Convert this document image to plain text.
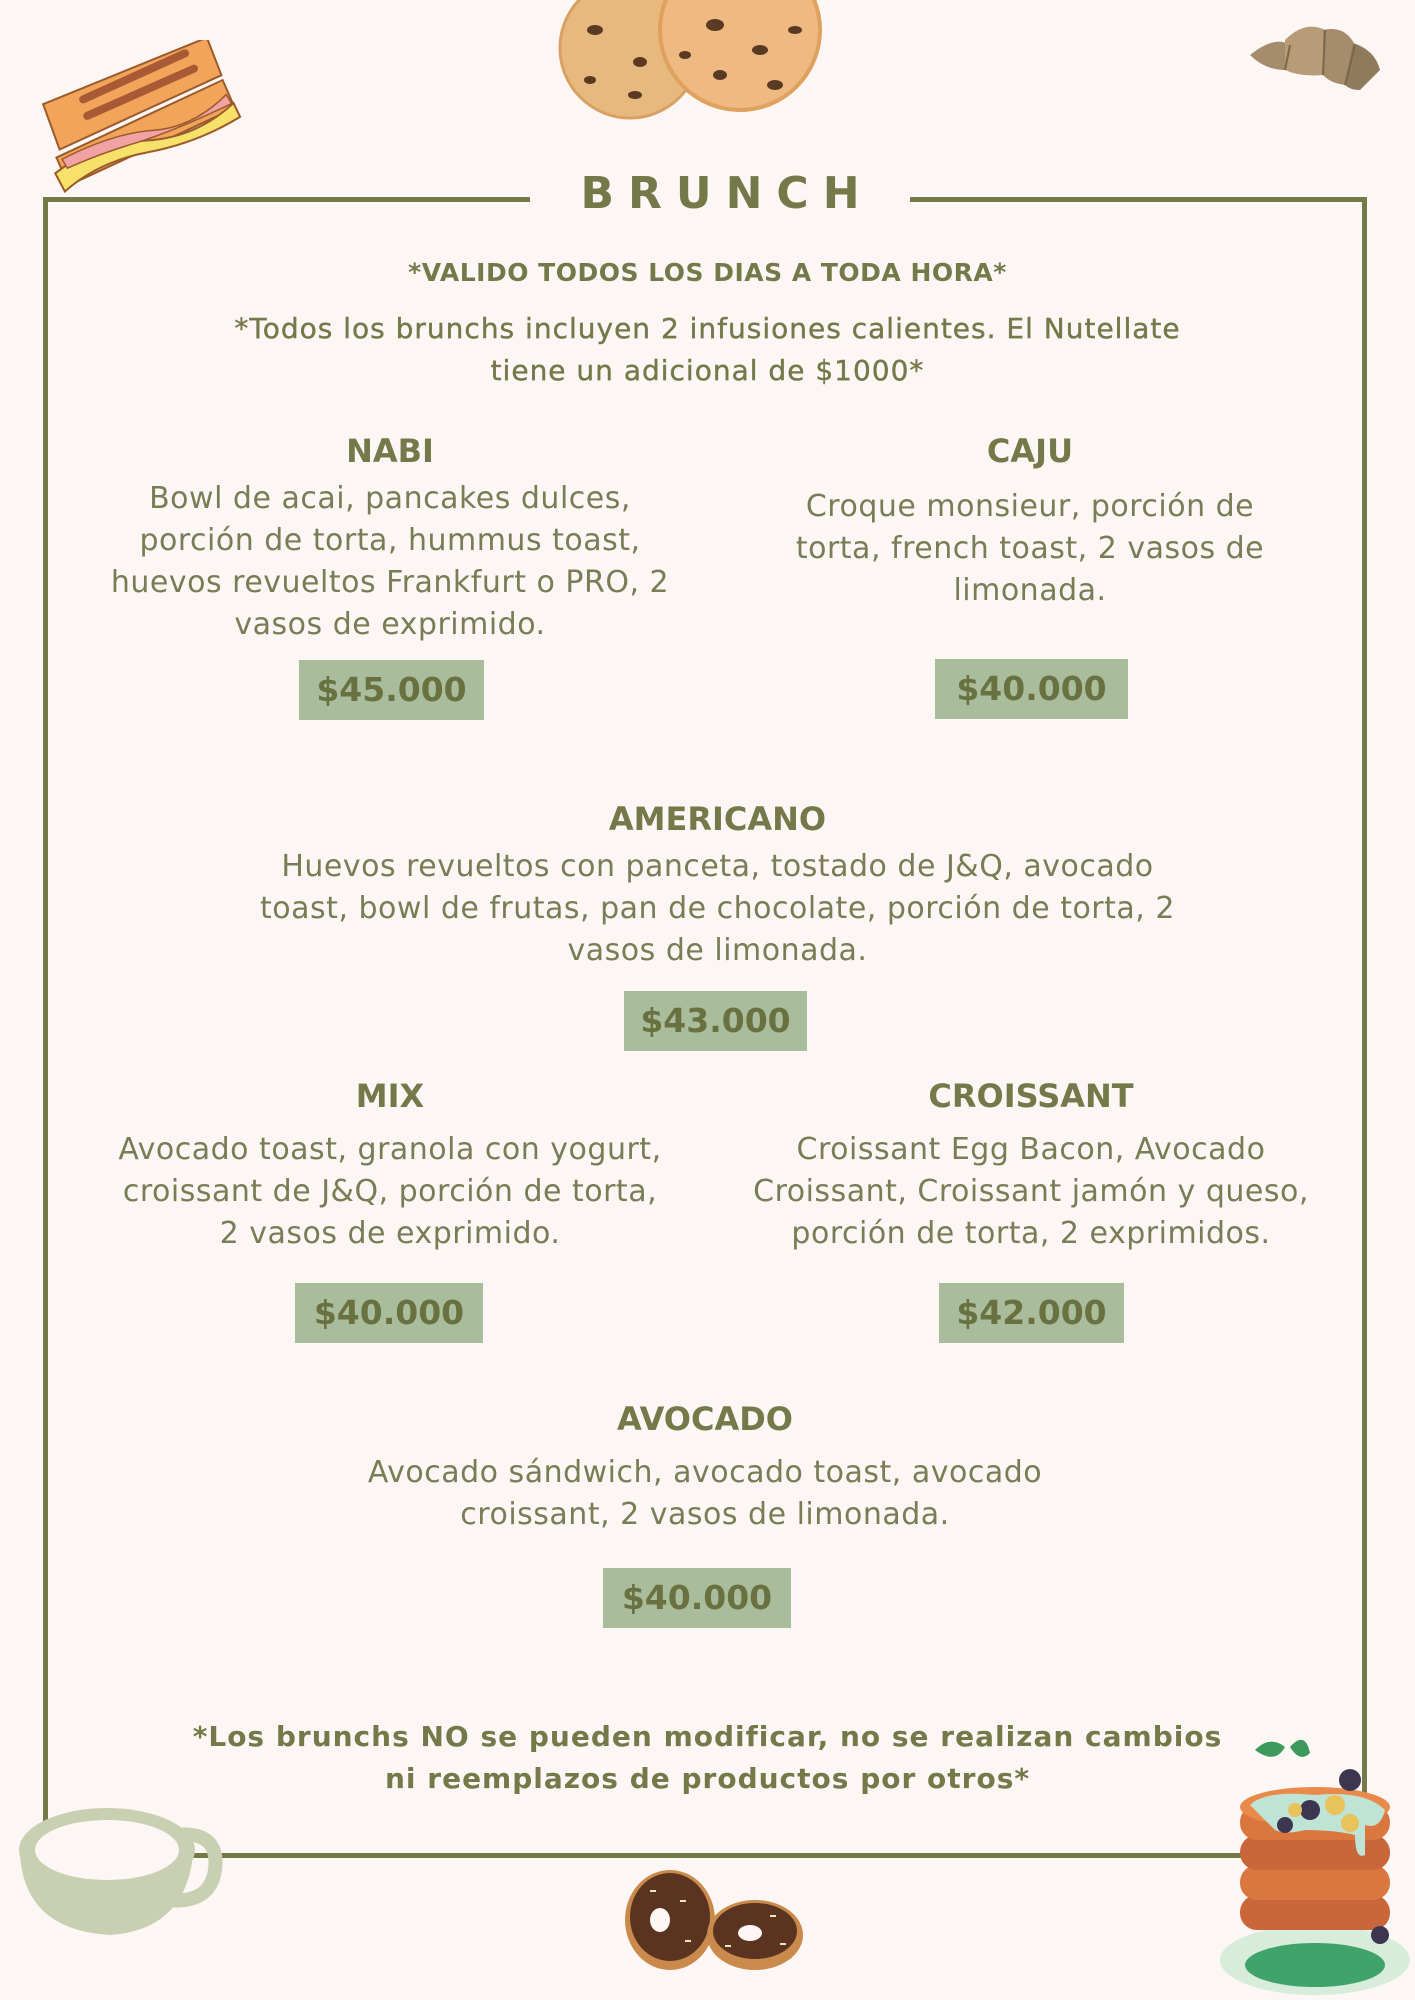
BRUNCH
*VALIDO TODOS LOS DIAS A TODA HORA*
*Todos los brunchs incluyen 2 infusiones calientes. El Nutellate
tiene un adicional de $1000*
NABI
Bowl de acai, pancakes dulces,
porción de torta, hummus toast,
huevos revueltos Frankfurt o PRO, 2
vasos de exprimido.
$45.000
CAJU
Croque monsieur, porción de
torta, french toast, 2 vasos de
limonada.
$40.000
AMERICANO
Huevos revueltos con panceta, tostado de J&Q, avocado
toast, bowl de frutas, pan de chocolate, porción de torta, 2
vasos de limonada.
$43.000
MIX
Avocado toast, granola con yogurt,
croissant de J&Q, porción de torta,
2 vasos de exprimido.
$40.000
CROISSANT
Croissant Egg Bacon, Avocado
Croissant, Croissant jamón y queso,
porción de torta, 2 exprimidos.
$42.000
AVOCADO
Avocado sándwich, avocado toast, avocado
croissant, 2 vasos de limonada.
$40.000
*Los brunchs NO se pueden modificar, no se realizan cambios
ni reemplazos de productos por otros*
